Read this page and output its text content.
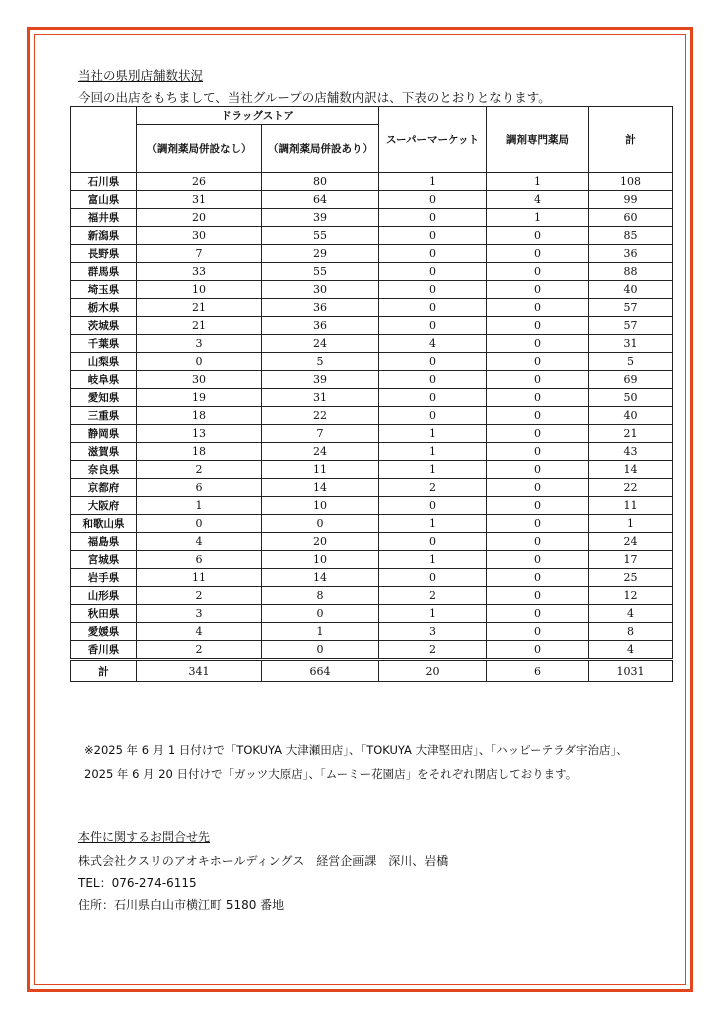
当社の県別店舗数状況
今回の出店をもちまして、当社グループの店舗数内訳は、下表のとおりとなります。
	ドラッグストア		スーパーマーケット	調剤専門薬局	計
	（調剤薬局併設なし）	（調剤薬局併設あり）			
石川県	26	80	1	1	108
富山県	31	64	0	4	99
福井県	20	39	0	1	60
新潟県	30	55	0	0	85
長野県	7	29	0	0	36
群馬県	33	55	0	0	88
埼玉県	10	30	0	0	40
栃木県	21	36	0	0	57
茨城県	21	36	0	0	57
千葉県	3	24	4	0	31
山梨県	0	5	0	0	5
岐阜県	30	39	0	0	69
愛知県	19	31	0	0	50
三重県	18	22	0	0	40
静岡県	13	7	1	0	21
滋賀県	18	24	1	0	43
奈良県	2	11	1	0	14
京都府	6	14	2	0	22
大阪府	1	10	0	0	11
和歌山県	0	0	1	0	1
福島県	4	20	0	0	24
宮城県	6	10	1	0	17
岩手県	11	14	0	0	25
山形県	2	8	2	0	12
秋田県	3	0	1	0	4
愛媛県	4	1	3	0	8
香川県	2	0	2	0	4
計	341	664	20	6	1031
※2025 年 6 月 1 日付けで「TOKUYA 大津瀬田店」、「TOKUYA 大津堅田店」、「ハッピーテラダ宇治店」、
2025 年 6 月 20 日付けで「ガッツ大原店」、「ムーミー花園店」をそれぞれ閉店しております。
本件に関するお問合せ先
株式会社クスリのアオキホールディングス　経営企画課　深川、岩橋
TEL：076-274-6115
住所：石川県白山市横江町 5180 番地
